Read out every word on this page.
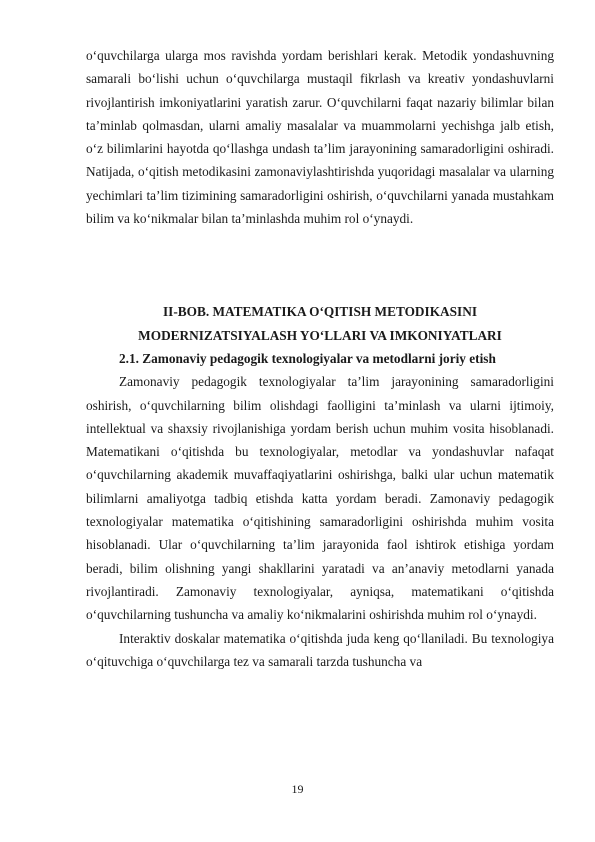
o‘quvchilarga ularga mos ravishda yordam berishlari kerak. Metodik yondashuvning samarali bo‘lishi uchun o‘quvchilarga mustaqil fikrlash va kreativ yondashuvlarni rivojlantirish imkoniyatlarini yaratish zarur. O‘quvchilarni faqat nazariy bilimlar bilan ta’minlab qolmasdan, ularni amaliy masalalar va muammolarni yechishga jalb etish, o‘z bilimlarini hayotda qo‘llashga undash ta’lim jarayonining samaradorligini oshiradi. Natijada, o‘qitish metodikasini zamonaviylashtirishda yuqoridagi masalalar va ularning yechimlari ta’lim tizimining samaradorligini oshirish, o‘quvchilarni yanada mustahkam bilim va ko‘nikmalar bilan ta’minlashda muhim rol o‘ynaydi.

II-BOB. MATEMATIKA O‘QITISH METODIKASINI

MODERNIZATSIYALASH YO‘LLARI VA IMKONIYATLARI

2.1. Zamonaviy pedagogik texnologiyalar va metodlarni joriy etish

Zamonaviy pedagogik texnologiyalar ta’lim jarayonining samaradorligini oshirish, o‘quvchilarning bilim olishdagi faolligini ta’minlash va ularni ijtimoiy, intellektual va shaxsiy rivojlanishiga yordam berish uchun muhim vosita hisoblanadi. Matematikani o‘qitishda bu texnologiyalar, metodlar va yondashuvlar nafaqat o‘quvchilarning akademik muvaffaqiyatlarini oshirishga, balki ular uchun matematik bilimlarni amaliyotga tadbiq etishda katta yordam beradi. Zamonaviy pedagogik texnologiyalar matematika o‘qitishining samaradorligini oshirishda muhim vosita hisoblanadi. Ular o‘quvchilarning ta’lim jarayonida faol ishtirok etishiga yordam beradi, bilim olishning yangi shakllarini yaratadi va an’anaviy metodlarni yanada rivojlantiradi. Zamonaviy texnologiyalar, ayniqsa, matematikani o‘qitishda o‘quvchilarning tushuncha va amaliy ko‘nikmalarini oshirishda muhim rol o‘ynaydi.

Interaktiv doskalar matematika o‘qitishda juda keng qo‘llaniladi. Bu texnologiya o‘qituvchiga o‘quvchilarga tez va samarali tarzda tushuncha va

19
